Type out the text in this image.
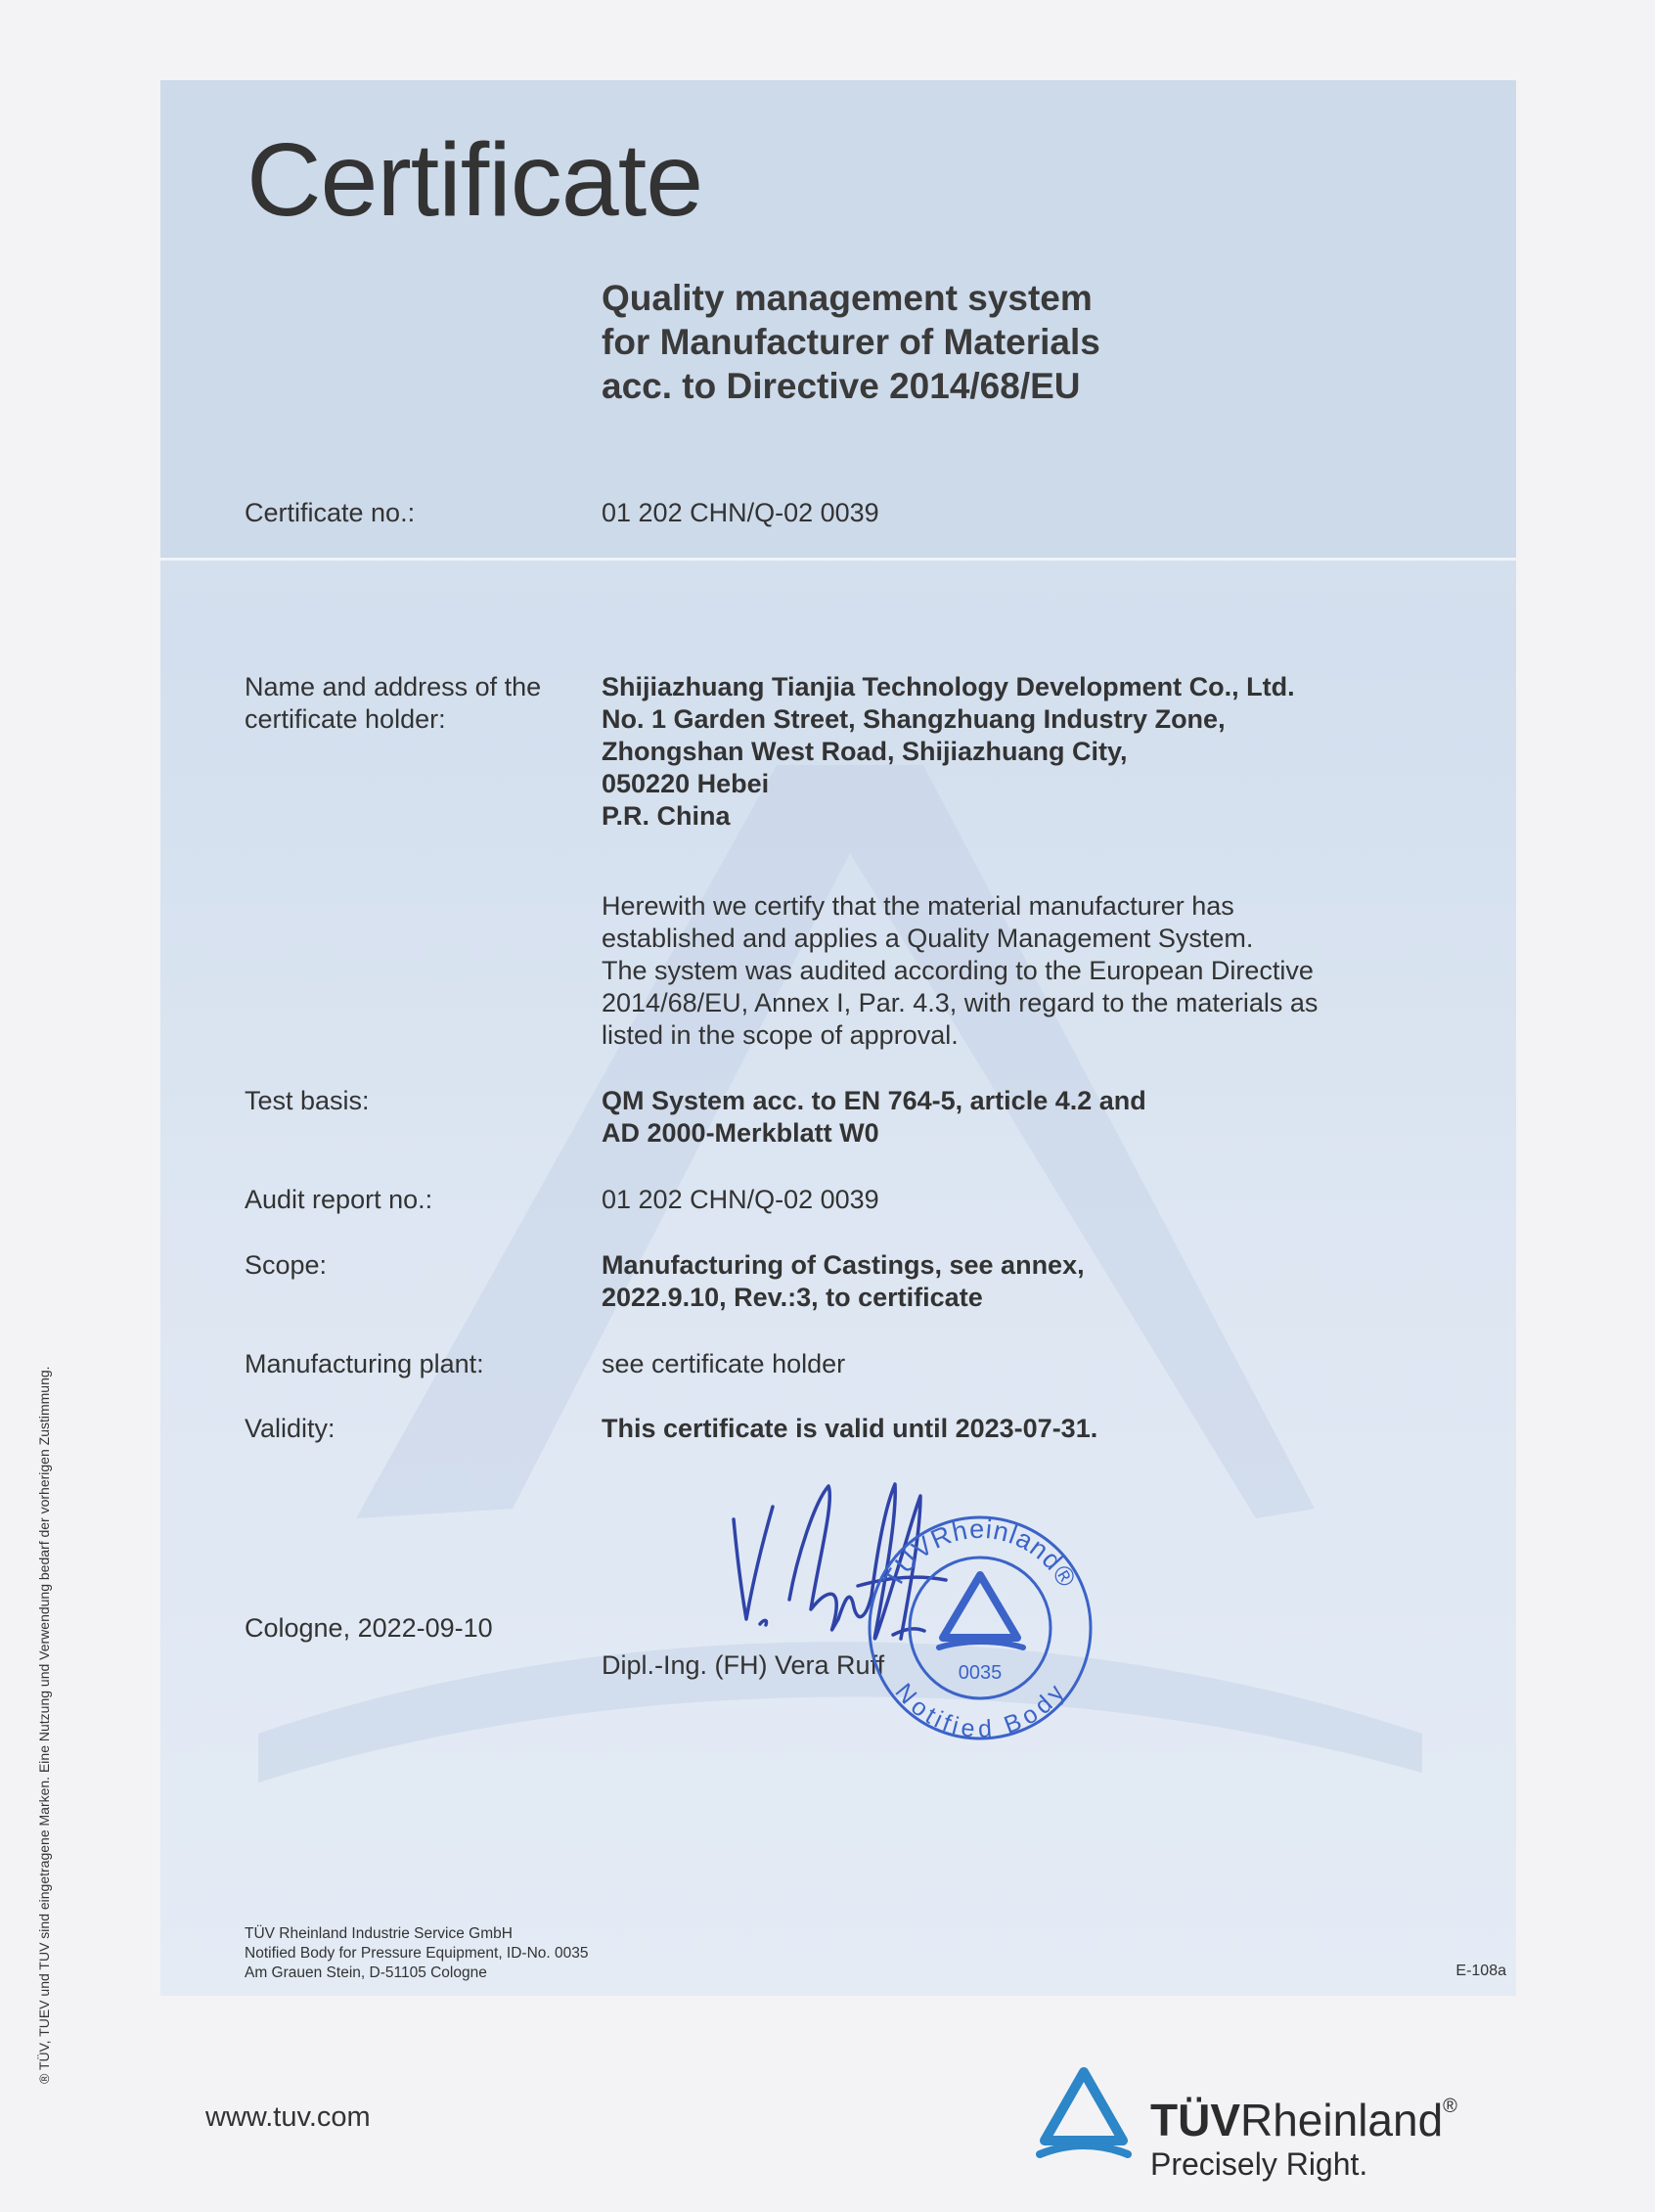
Certificate
Quality management system
for Manufacturer of Materials
acc. to Directive 2014/68/EU
Certificate no.:	01 202 CHN/Q-02 0039
Name and address of the
certificate holder:
Shijiazhuang Tianjia Technology Development Co., Ltd.
No. 1 Garden Street, Shangzhuang Industry Zone,
Zhongshan West Road, Shijiazhuang City,
050220 Hebei
P.R. China
Herewith we certify that the material manufacturer has
established and applies a Quality Management System.
The system was audited according to the European Directive
2014/68/EU, Annex I, Par. 4.3, with regard to the materials as
listed in the scope of approval.
Test basis:	QM System acc. to EN 764-5, article 4.2 and
AD 2000-Merkblatt W0
Audit report no.:	01 202 CHN/Q-02 0039
Scope:	Manufacturing of Castings, see annex,
2022.9.10, Rev.:3, to certificate
Manufacturing plant:	see certificate holder
Validity:	This certificate is valid until 2023-07-31.
Cologne, 2022-09-10
Dipl.-Ing. (FH) Vera Ruff
TÜV Rheinland Industrie Service GmbH
Notified Body for Pressure Equipment, ID-No. 0035
Am Grauen Stein, D-51105 Cologne	E-108a
TÜVRheinland®
Notified Body
0035
® TÜV, TUEV und TUV sind eingetragene Marken. Eine Nutzung und Verwendung bedarf der vorherigen Zustimmung.
www.tuv.com	TÜVRheinland®
Precisely Right.
